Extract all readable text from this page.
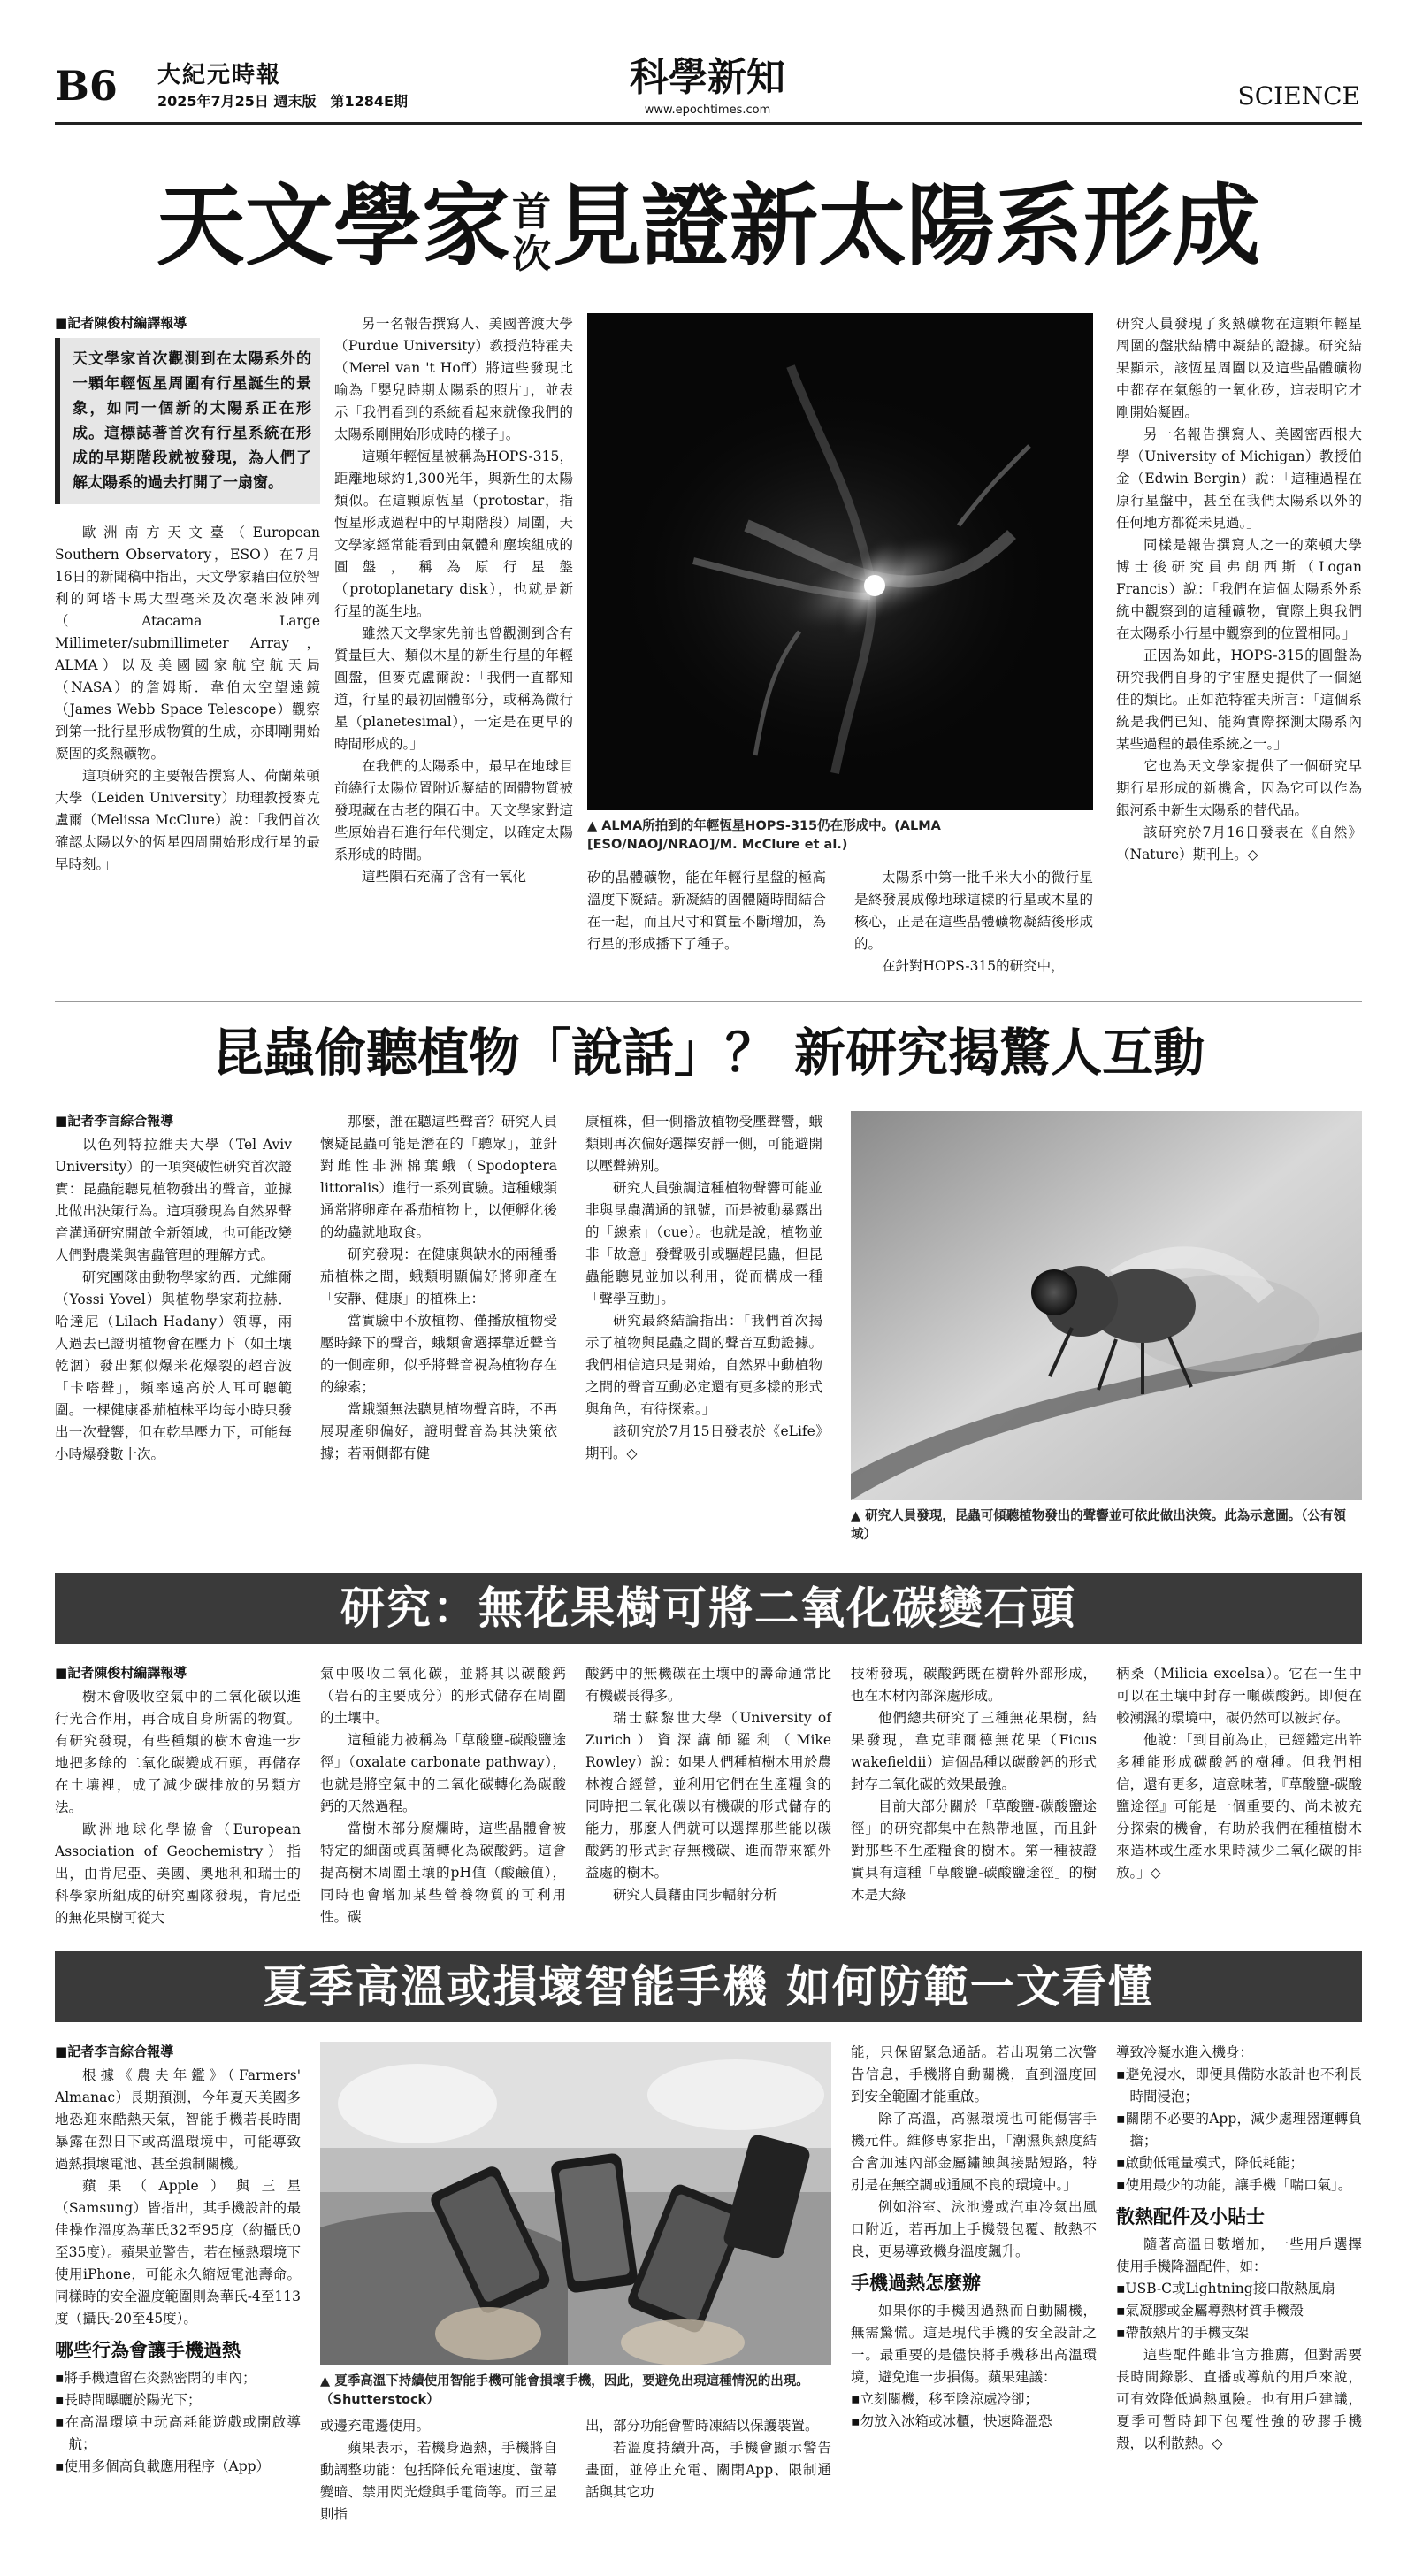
B6 大紀元時報
2025年7月25日 週末版　第1284E期
科學新知
www.epochtimes.com	SCIENCE
天文學家 首
次 見證新太陽系形成
■ 記者陳俊村編譯報導
天文學家首次觀測到在太陽系外的一顆年輕恆星周圍有行星誕生的景象，如同一個新的太陽系正在形成。這標誌著首次有行星系統在形成的早期階段就被發現，為人們了解太陽系的過去打開了一扇窗。

歐洲南方天文臺（European Southern Observatory，ESO）在7月16日的新聞稿中指出，天文學家藉由位於智利的阿塔卡馬大型毫米及次毫米波陣列（Atacama Large Millimeter/submillimeter Array，ALMA）以及美國國家航空航天局（NASA）的詹姆斯．韋伯太空望遠鏡（James Webb Space Telescope）觀察到第一批行星形成物質的生成，亦即剛開始凝固的炙熱礦物。

這項研究的主要報告撰寫人、荷蘭萊頓大學（Leiden University）助理教授麥克盧爾（Melissa McClure）說：「我們首次確認太陽以外的恆星四周開始形成行星的最早時刻。」

另一名報告撰寫人、美國普渡大學（Purdue University）教授范特霍夫（Merel van 't Hoff）將這些發現比喻為「嬰兒時期太陽系的照片」，並表示「我們看到的系統看起來就像我們的太陽系剛開始形成時的樣子」。

這顆年輕恆星被稱為HOPS-315，距離地球約1,300光年，與新生的太陽類似。在這顆原恆星（protostar，指恆星形成過程中的早期階段）周圍，天文學家經常能看到由氣體和塵埃組成的圓盤，稱為原行星盤（protoplanetary disk），也就是新行星的誕生地。

雖然天文學家先前也曾觀測到含有質量巨大、類似木星的新生行星的年輕圓盤，但麥克盧爾說：「我們一直都知道，行星的最初固體部分，或稱為微行星（planetesimal），一定是在更早的時間形成的。」

在我們的太陽系中，最早在地球目前繞行太陽位置附近凝結的固體物質被發現藏在古老的隕石中。天文學家對這些原始岩石進行年代測定，以確定太陽系形成的時間。

這些隕石充滿了含有一氧化

▲ ALMA所拍到的年輕恆星HOPS-315仍在形成中。(ALMA [ESO/NAOJ/NRAO]/M. McClure et al.)

矽的晶體礦物，能在年輕行星盤的極高溫度下凝結。新凝結的固體隨時間結合在一起，而且尺寸和質量不斷增加，為行星的形成播下了種子。

太陽系中第一批千米大小的微行星是終發展成像地球這樣的行星或木星的核心，正是在這些晶體礦物凝結後形成的。

在針對HOPS-315的研究中，

研究人員發現了炙熱礦物在這顆年輕星周圍的盤狀結構中凝結的證據。研究結果顯示，該恆星周圍以及這些晶體礦物中都存在氣態的一氧化矽，這表明它才剛開始凝固。

另一名報告撰寫人、美國密西根大學（University of Michigan）教授伯金（Edwin Bergin）說：「這種過程在原行星盤中，甚至在我們太陽系以外的任何地方都從未見過。」

同樣是報告撰寫人之一的萊頓大學博士後研究員弗朗西斯（Logan Francis）說：「我們在這個太陽系外系統中觀察到的這種礦物，實際上與我們在太陽系小行星中觀察到的位置相同。」

正因為如此，HOPS-315的圓盤為研究我們自身的宇宙歷史提供了一個絕佳的類比。正如范特霍夫所言：「這個系統是我們已知、能夠實際探測太陽系內某些過程的最佳系統之一。」

它也為天文學家提供了一個研究早期行星形成的新機會，因為它可以作為銀河系中新生太陽系的替代品。

該研究於7月16日發表在《自然》（Nature）期刊上。◇

昆蟲偷聽植物「說話」？ 新研究揭驚人互動
■ 記者李言綜合報導

以色列特拉維夫大學（Tel Aviv University）的一項突破性研究首次證實：昆蟲能聽見植物發出的聲音，並據此做出決策行為。這項發現為自然界聲音溝通研究開啟全新領域，也可能改變人們對農業與害蟲管理的理解方式。

研究團隊由動物學家約西．尤維爾（Yossi Yovel）與植物學家莉拉赫．哈達尼（Lilach Hadany）領導，兩人過去已證明植物會在壓力下（如土壤乾涸）發出類似爆米花爆裂的超音波「卡嗒聲」，頻率遠高於人耳可聽範圍。一棵健康番茄植株平均每小時只發出一次聲響，但在乾旱壓力下，可能每小時爆發數十次。

那麼，誰在聽這些聲音？研究人員懷疑昆蟲可能是潛在的「聽眾」，並針對雌性非洲棉葉蛾（Spodoptera littoralis）進行一系列實驗。這種蛾類通常將卵產在番茄植物上，以便孵化後的幼蟲就地取食。

研究發現：在健康與缺水的兩種番茄植株之間，蛾類明顯偏好將卵產在「安靜、健康」的植株上：

當實驗中不放植物、僅播放植物受壓時錄下的聲音，蛾類會選擇靠近聲音的一側產卵，似乎將聲音視為植物存在的線索；

當蛾類無法聽見植物聲音時，不再展現產卵偏好，證明聲音為其決策依據；若兩側都有健

康植株，但一側播放植物受壓聲響，蛾類則再次偏好選擇安靜一側，可能避開以壓聲辨別。

研究人員強調這種植物聲響可能並非與昆蟲溝通的訊號，而是被動暴露出的「線索」（cue）。也就是說，植物並非「故意」發聲吸引或驅趕昆蟲，但昆蟲能聽見並加以利用，從而構成一種「聲學互動」。

研究最終結論指出：「我們首次揭示了植物與昆蟲之間的聲音互動證據。我們相信這只是開始，自然界中動植物之間的聲音互動必定還有更多樣的形式與角色，有待探索。」

該研究於7月15日發表於《eLife》期刊。◇

▲ 研究人員發現，昆蟲可傾聽植物發出的聲響並可依此做出決策。此為示意圖。（公有領域）
研究：無花果樹可將二氧化碳變石頭
■ 記者陳俊村編譯報導

樹木會吸收空氣中的二氧化碳以進行光合作用，再合成自身所需的物質。有研究發現，有些種類的樹木會進一步地把多餘的二氧化碳變成石頭，再儲存在土壤裡，成了減少碳排放的另類方法。

歐洲地球化學協會（European Association of Geochemistry）指出，由肯尼亞、美國、奧地利和瑞士的科學家所組成的研究團隊發現，肯尼亞的無花果樹可從大

氣中吸收二氧化碳，並將其以碳酸鈣（岩石的主要成分）的形式儲存在周圍的土壤中。

這種能力被稱為「草酸鹽-碳酸鹽途徑」（oxalate carbonate pathway），也就是將空氣中的二氧化碳轉化為碳酸鈣的天然過程。

當樹木部分腐爛時，這些晶體會被特定的細菌或真菌轉化為碳酸鈣。這會提高樹木周圍土壤的pH值（酸鹼值），同時也會增加某些營養物質的可利用性。碳

酸鈣中的無機碳在土壤中的壽命通常比有機碳長得多。

瑞士蘇黎世大學（University of Zurich）資深講師羅利（Mike Rowley）說：如果人們種植樹木用於農林複合經營，並利用它們在生產糧食的同時把二氧化碳以有機碳的形式儲存的能力，那麼人們就可以選擇那些能以碳酸鈣的形式封存無機碳、進而帶來額外益處的樹木。

研究人員藉由同步輻射分析

技術發現，碳酸鈣既在樹幹外部形成，也在木材內部深處形成。

他們總共研究了三種無花果樹，結果發現，韋克菲爾德無花果（Ficus wakefieldii）這個品種以碳酸鈣的形式封存二氧化碳的效果最強。

目前大部分關於「草酸鹽-碳酸鹽途徑」的研究都集中在熱帶地區，而且針對那些不生產糧食的樹木。第一種被證實具有這種「草酸鹽-碳酸鹽途徑」的樹木是大綠

柄桑（Milicia excelsa）。它在一生中可以在土壤中封存一噸碳酸鈣。即便在較潮濕的環境中，碳仍然可以被封存。

他說：「到目前為止，已經鑑定出許多種能形成碳酸鈣的樹種。但我們相信，還有更多，這意味著，『草酸鹽-碳酸鹽途徑』可能是一個重要的、尚未被充分探索的機會，有助於我們在種植樹木來造林或生產水果時減少二氧化碳的排放。」◇

夏季高溫或損壞智能手機 如何防範一文看懂
■ 記者李言綜合報導

根據《農夫年鑑》（Farmers' Almanac）長期預測，今年夏天美國多地恐迎來酷熱天氣，智能手機若長時間暴露在烈日下或高溫環境中，可能導致過熱損壞電池、甚至強制關機。

蘋果（Apple）與三星（Samsung）皆指出，其手機設計的最佳操作溫度為華氏32至95度（約攝氏0至35度）。蘋果並警告，若在極熱環境下使用iPhone，可能永久縮短電池壽命。同樣時的安全溫度範圍則為華氏-4至113度（攝氏-20至45度）。

哪些行為會讓手機過熱
▪ 將手機遺留在炎熱密閉的車內；
▪ 長時間曝曬於陽光下；
▪ 在高溫環境中玩高耗能遊戲或開啟導航；
▪ 使用多個高負載應用程序（App）
▲ 夏季高溫下持續使用智能手機可能會損壞手機，因此，要避免出現這種情況的出現。（Shutterstock）

或邊充電邊使用。

蘋果表示，若機身過熱，手機將自動調整功能：包括降低充電速度、螢幕變暗、禁用閃光燈與手電筒等。而三星則指

出，部分功能會暫時凍結以保護裝置。

若溫度持續升高，手機會顯示警告畫面，並停止充電、關閉App、限制通話與其它功

能，只保留緊急通話。若出現第二次警告信息，手機將自動關機，直到溫度回到安全範圍才能重啟。

除了高溫，高濕環境也可能傷害手機元件。維修專家指出，「潮濕與熱度結合會加速內部金屬鏽蝕與接點短路，特別是在無空調或通風不良的環境中。」

例如浴室、泳池邊或汽車冷氣出風口附近，若再加上手機殼包覆、散熱不良，更易導致機身溫度飆升。

手機過熱怎麼辦

如果你的手機因過熱而自動關機，無需驚慌。這是現代手機的安全設計之一。最重要的是儘快將手機移出高溫環境，避免進一步損傷。蘋果建議：

▪ 立刻關機，移至陰涼處冷卻；
▪ 勿放入冰箱或冰櫃，快速降溫恐

導致冷凝水進入機身：

▪ 避免浸水，即便具備防水設計也不利長時間浸泡；
▪ 關閉不必要的App，減少處理器運轉負擔；
▪ 啟動低電量模式，降低耗能；
▪ 使用最少的功能，讓手機「喘口氣」。
散熱配件及小貼士

隨著高溫日數增加，一些用戶選擇使用手機降溫配件，如：

▪ USB-C或Lightning接口散熱風扇
▪ 氣凝膠或金屬導熱材質手機殼
▪ 帶散熱片的手機支架

這些配件雖非官方推薦，但對需要長時間錄影、直播或導航的用戶來說，可有效降低過熱風險。也有用戶建議，夏季可暫時卸下包覆性強的矽膠手機殼，以利散熱。◇
